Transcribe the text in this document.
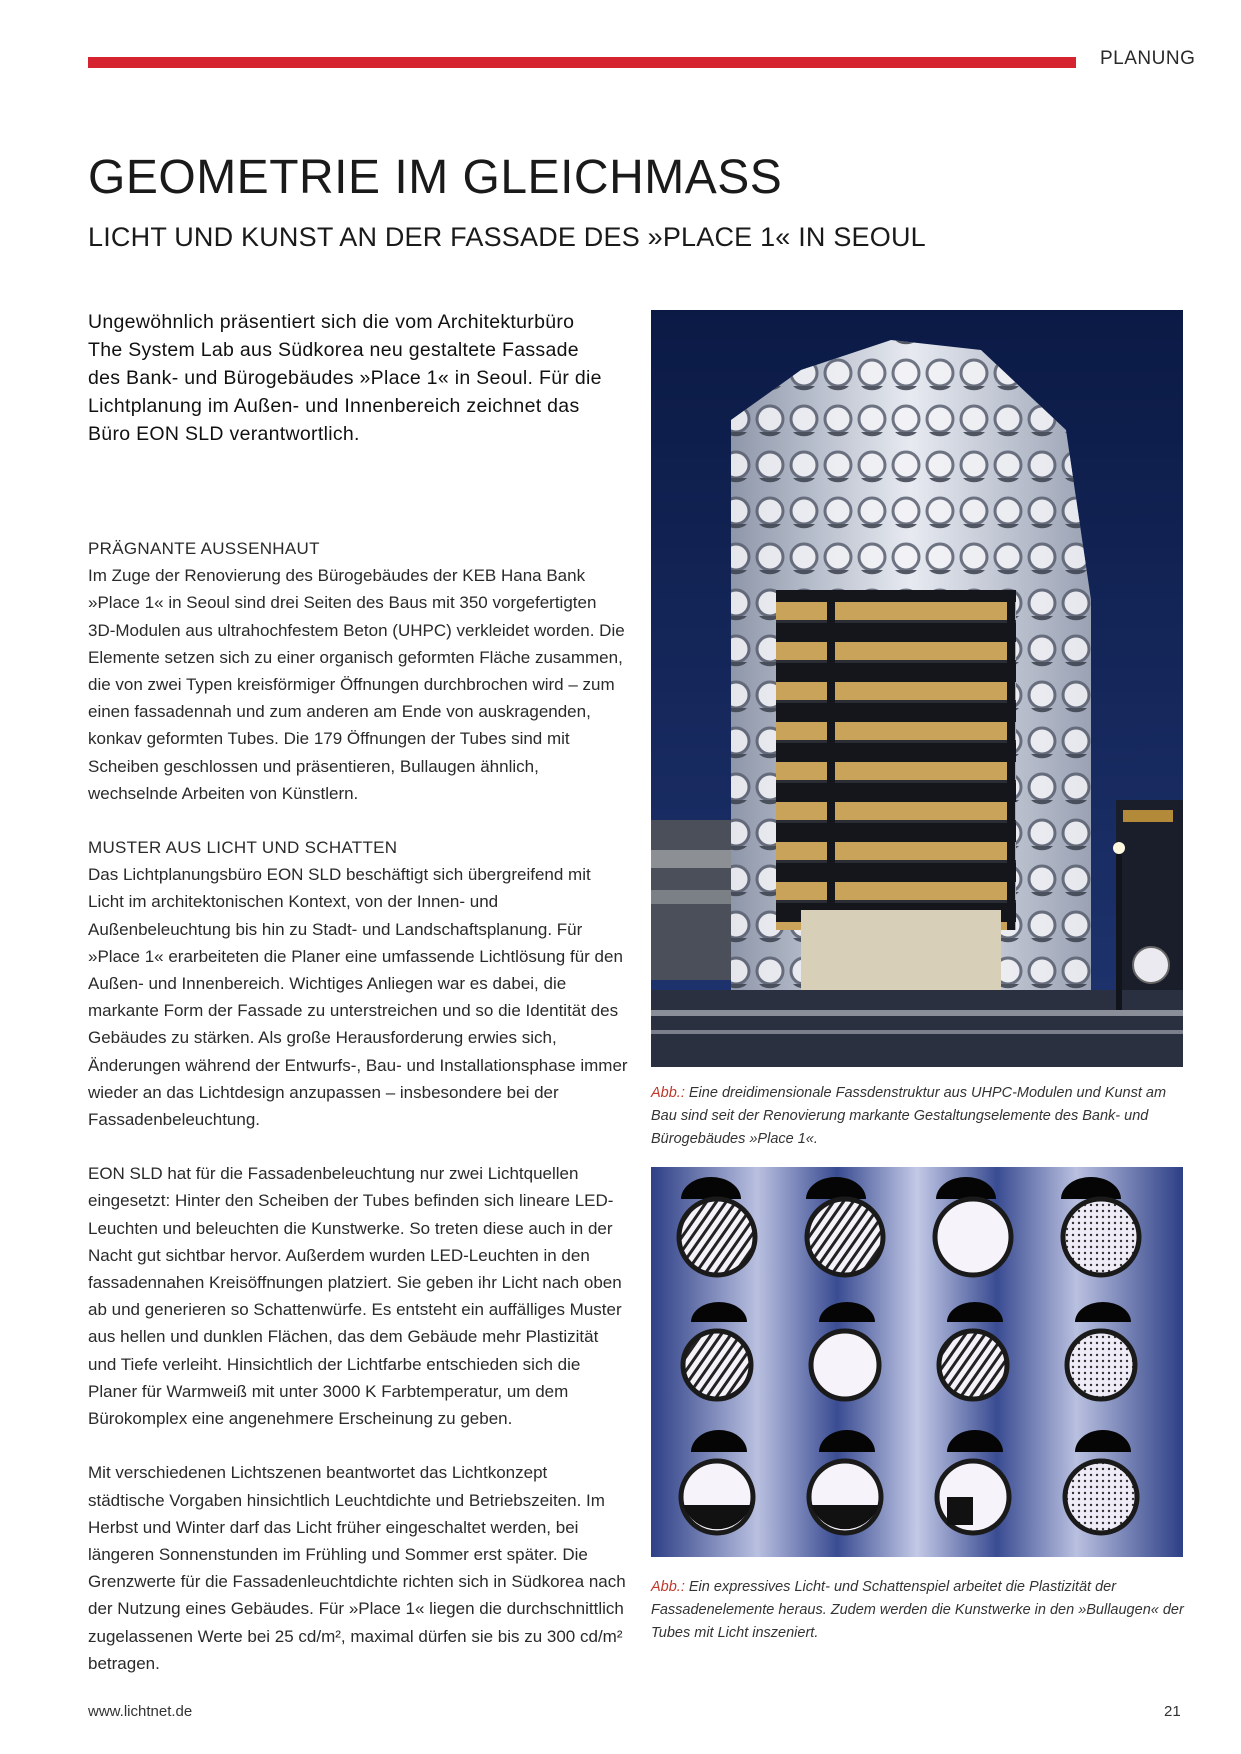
PLANUNG
GEOMETRIE IM GLEICHMASS
LICHT UND KUNST AN DER FASSADE DES »PLACE 1« IN SEOUL

Ungewöhnlich präsentiert sich die vom Architekturbüro The System Lab aus Südkorea neu gestaltete Fassade des Bank- und Bürogebäudes »Place 1« in Seoul. Für die Lichtplanung im Außen- und Innenbereich zeichnet das Büro EON SLD verantwortlich.

PRÄGNANTE AUSSENHAUT

Im Zuge der Renovierung des Bürogebäudes der KEB Hana Bank »Place 1« in Seoul sind drei Seiten des Baus mit 350 vorgefertigten 3D-Modulen aus ultrahochfestem Beton (UHPC) verkleidet worden. Die Elemente setzen sich zu einer organisch geformten Fläche zusammen, die von zwei Typen kreisförmiger Öffnungen durchbrochen wird – zum einen fassadennah und zum anderen am Ende von auskragenden, konkav geformten Tubes. Die 179 Öffnungen der Tubes sind mit Scheiben geschlossen und präsentieren, Bullaugen ähnlich, wechselnde Arbeiten von Künstlern.

MUSTER AUS LICHT UND SCHATTEN

Das Lichtplanungsbüro EON SLD beschäftigt sich übergreifend mit Licht im architektonischen Kontext, von der Innen- und Außenbeleuchtung bis hin zu Stadt- und Landschaftsplanung. Für »Place 1« erarbeiteten die Planer eine umfassende Lichtlösung für den Außen- und Innenbereich. Wichtiges Anliegen war es dabei, die markante Form der Fassade zu unterstreichen und so die Identität des Gebäudes zu stärken. Als große Herausforderung erwies sich, Änderungen während der Entwurfs-, Bau- und Installationsphase immer wieder an das Lichtdesign anzupassen – insbesondere bei der Fassadenbeleuchtung.

EON SLD hat für die Fassadenbeleuchtung nur zwei Lichtquellen eingesetzt: Hinter den Scheiben der Tubes befinden sich lineare LED-Leuchten und beleuchten die Kunstwerke. So treten diese auch in der Nacht gut sichtbar hervor. Außerdem wurden LED-Leuchten in den fassadennahen Kreisöffnungen platziert. Sie geben ihr Licht nach oben ab und generieren so Schattenwürfe. Es entsteht ein auffälliges Muster aus hellen und dunklen Flächen, das dem Gebäude mehr Plastizität und Tiefe verleiht. Hinsichtlich der Lichtfarbe entschieden sich die Planer für Warmweiß mit unter 3000 K Farbtemperatur, um dem Bürokomplex eine angenehmere Erscheinung zu geben.

Mit verschiedenen Lichtszenen beantwortet das Lichtkonzept städtische Vorgaben hinsichtlich Leuchtdichte und Betriebszeiten. Im Herbst und Winter darf das Licht früher eingeschaltet werden, bei längeren Sonnenstunden im Frühling und Sommer erst später. Die Grenzwerte für die Fassadenleuchtdichte richten sich in Südkorea nach der Nutzung eines Gebäudes. Für »Place 1« liegen die durchschnittlich zugelassenen Werte bei 25 cd/m², maximal dürfen sie bis zu 300 cd/m² betragen.

Abb.: Eine dreidimensionale Fassdenstruktur aus UHPC-Modulen und Kunst am Bau sind seit der Renovierung markante Gestaltungselemente des Bank- und Bürogebäudes »Place 1«.
Abb.: Ein expressives Licht- und Schattenspiel arbeitet die Plastizität der Fassadenelemente heraus. Zudem werden die Kunstwerke in den »Bullaugen« der Tubes mit Licht inszeniert.
www.lichtnet.de	21
